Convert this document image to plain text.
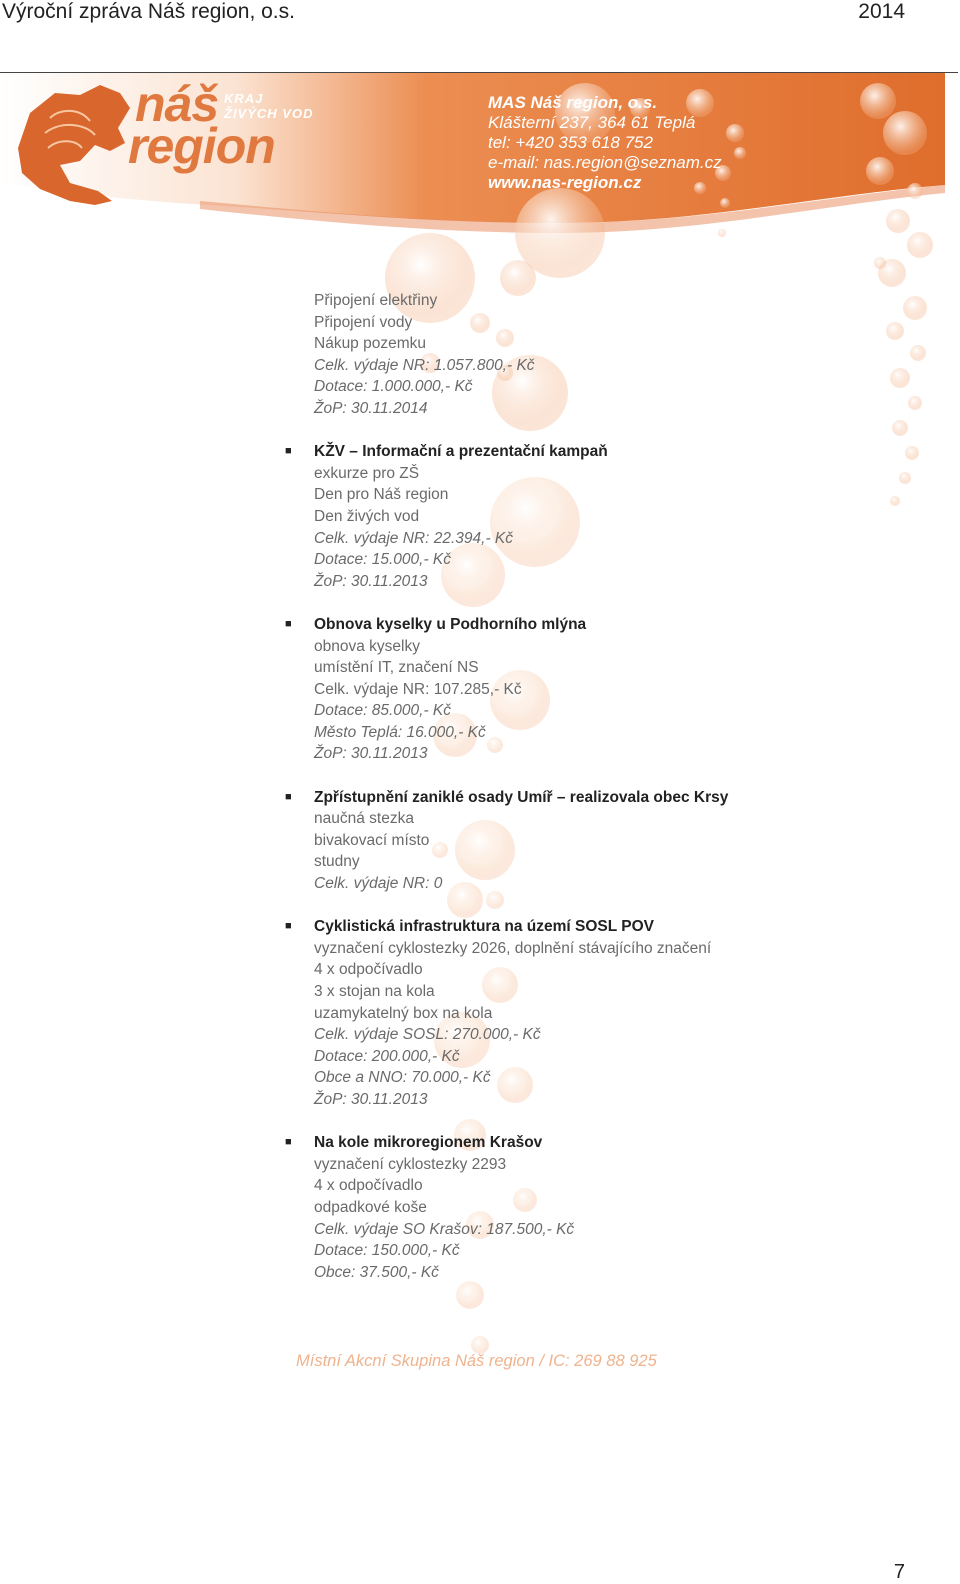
Výroční zpráva Náš region, o.s.	2014
náš
region
KRAJ
ŽIVÝCH VOD
MAS Náš region, o.s.
Klášterní 237, 364 61 Teplá
tel: +420 353 618 752
e-mail: nas.region@seznam.cz
www.nas-region.cz
Připojení elektřiny
Připojení vody
Nákup pozemku
Celk. výdaje NR: 1.057.800,- Kč
Dotace: 1.000.000,- Kč
ŽoP: 30.11.2014
■ KŽV – Informační a prezentační kampaň
exkurze pro ZŠ
Den pro Náš region
Den živých vod
Celk. výdaje NR: 22.394,- Kč
Dotace: 15.000,- Kč
ŽoP: 30.11.2013
■ Obnova kyselky u Podhorního mlýna
obnova kyselky
umístění IT, značení NS
Celk. výdaje NR: 107.285,- Kč
Dotace: 85.000,- Kč
Město Teplá: 16.000,- Kč
ŽoP: 30.11.2013
■ Zpřístupnění zaniklé osady Umíř – realizovala obec Krsy
naučná stezka
bivakovací místo
studny
Celk. výdaje NR: 0
■ Cyklistická infrastruktura na území SOSL POV
vyznačení cyklostezky 2026, doplnění stávajícího značení
4 x odpočívadlo
3 x stojan na kola
uzamykatelný box na kola
Celk. výdaje SOSL: 270.000,- Kč
Dotace: 200.000,- Kč
Obce a NNO: 70.000,- Kč
ŽoP: 30.11.2013
■ Na kole mikroregionem Krašov
vyznačení cyklostezky 2293
4 x odpočívadlo
odpadkové koše
Celk. výdaje SO Krašov: 187.500,- Kč
Dotace: 150.000,- Kč
Obce: 37.500,- Kč
Místní Akcní Skupina Náš region / IC: 269 88 925
7
